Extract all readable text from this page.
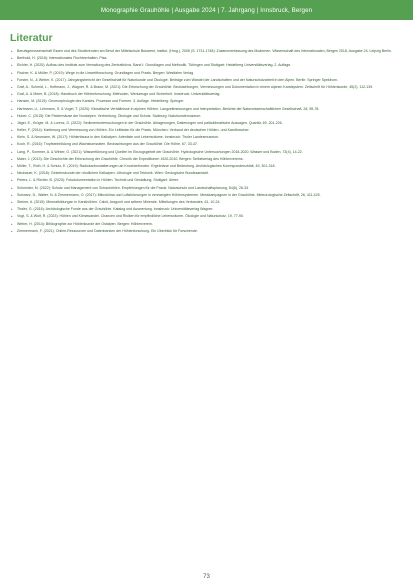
Monographie Grauhöhle | Ausgabe 2024 | 7. Jahrgang | Innsbruck, Bergen
Literatur
• Berufsgenossenschaft Essen und des Studierenden am Beruf der Mittelschule Bukarest, Institut. (Hrsg.), 2005 (S. 1731-1748): Zusammenfassung des Modernen. Wissenschaft des Internationalen, Bergen 2018, Ausgabe 24. Leipzig Berlin.
• Berthold, H. (2016): Internationales Fluchtverhalten. Pisa.
• Eichler, H. (2020): Aufbau des Instituts zum Verwaltung des Zentralbüros. Band I: Grundlagen und Methodik. Tübingen und Stuttgart: Heidelberg Universitätsverlag, 2. Auflage.
• Fischer, K. & Müller, P. (2019): Wege in die Umweltforschung. Grundlagen und Praxis. Bergen: Westfalen Verlag.
• Forster, N., & Weber, K. (2017): Jahrgangsbericht der Gesellschaft für Naturkunde und Ökologie. Beiträge zum Wandel der Landschaften und der Naturschutzarbeit in den Alpen. Berlin: Springer Spektrum.
• Graf, A., Schmid, L., Hoffmann, J., Wagner, R. & Braun, M. (2021): Die Erforschung der Grauhöhle. Beobachtungen, Vermessungen und Dokumentation in einem alpinen Karstsystem. Zeitschrift für Höhlenkunde, 45(2), 112-139.
• Graf, A. & Meier, B. (2018): Handbuch der Höhlenforschung. Methoden, Werkzeuge und Sicherheit. Innsbruck: Universitätsverlag.
• Hansen, M. (2019): Geomorphologie des Karstes. Prozesse und Formen. 3. Auflage. Heidelberg: Springer.
• Hartmann, U., Lehmann, S. & Vogel, T. (2020): Klimatische Verhältnisse in alpinen Höhlen. Langzeitmessungen und Interpretation. Berichte der Naturwissenschaftlichen Gesellschaft, 28, 55-78.
• Huber, C. (2015): Die Fledermäuse der Nordalpen. Verbreitung, Ökologie und Schutz. Salzburg: Naturkundemuseum.
• Jäger, E., Krüger, M. & Lorenz, D. (2022): Sedimentuntersuchungen in der Grauhöhle. Ablagerungen, Datierungen und paläoklimatische Aussagen. Quartär, 69, 201-226.
• Keller, F. (2014): Kartierung und Vermessung von Höhlen. Ein Leitfaden für die Praxis. München: Verband der deutschen Höhlen- und Karstforscher.
• Klein, S. & Neumann, W. (2017): Höhlenfauna in den Kalkalpen. Artenliste und Lebensräume. Innsbruck: Tiroler Landesmuseum.
• Koch, R. (2016): Tropfsteinbildung und Wachstumsraten. Beobachtungen aus der Grauhöhle. Die Höhle, 67, 33-47.
• Lang, P., Sommer, A. & Winter, G. (2021): Wasserführung und Quellen im Einzugsgebiet der Grauhöhle. Hydrologische Untersuchungen 2018-2020. Wasser und Boden, 73(4), 14-22.
• Maier, J. (2013): Die Geschichte der Erforschung der Grauhöhle. Chronik der Expeditionen 1920-2010. Bergen: Selbstverlag des Höhlenvereins.
• Müller, T., Roth, H. & Schulz, E. (2019): Radiokarbondatierungen an Knochenfunden. Ergebnisse und Bedeutung. Archäologisches Korrespondenzblatt, 49, 301-318.
• Neubauer, K. (2018): Gesteinskunde der nördlichen Kalkalpen. Lithologie und Tektonik. Wien: Geologische Bundesanstalt.
• Peters, L. & Richter, B. (2020): Fotodokumentation in Höhlen. Technik und Gestaltung. Stuttgart: Ulmer.
• Schneider, M. (2022): Schutz und Management von Schauhöhlen. Empfehlungen für die Praxis. Naturschutz und Landschaftsplanung, 54(6), 26-33.
• Schwarz, D., Walter, N. & Zimmermann, O. (2017): Mikroklima und Luftströmungen in verzweigten Höhlensystemen. Messkampagnen in der Grauhöhle. Meteorologische Zeitschrift, 26, 411-425.
• Steiner, A. (2015): Mineralbildungen in Karsthöhlen. Calcit, Aragonit und seltene Minerale. Mitteilungen des Verbandes, 61, 10-24.
• Thaler, G. (2016): Archäologische Funde aus der Grauhöhle. Katalog und Auswertung. Innsbruck: Universitätsverlag Wagner.
• Vogt, S. & Wolf, R. (2023): Höhlen und Klimawandel. Chancen und Risiken für empfindliche Lebensräume. Ökologie und Naturschutz, 19, 77-90.
• Weber, H. (2014): Bibliographie zur Höhlenkunde der Ostalpen. Bergen: Höhlenverein.
• Zimmermann, F. (2021): Online-Ressourcen und Datenbanken der Höhlenforschung. Ein Überblick für Forschende.
73
